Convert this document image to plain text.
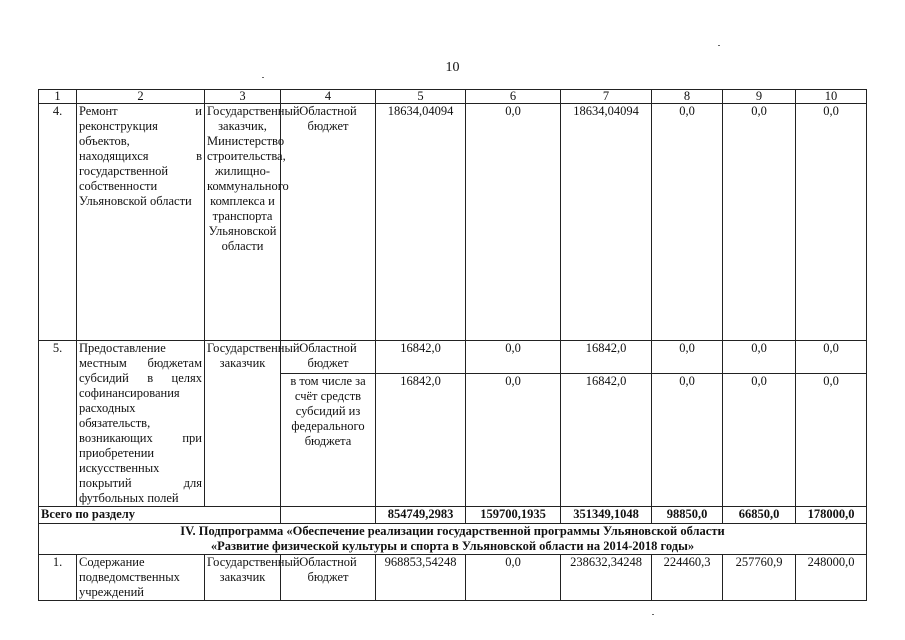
10
1	2	3	4	5	6	7	8	9	10
4.	Ремонт и реконструкция объектов, находящихся в государственной собственности Ульяновской области	Государственный заказчик, Министерство строительства, жилищно-коммунального комплекса и транспорта Ульяновской области	Областной бюджет	18634,04094	0,0	18634,04094	0,0	0,0	0,0
5.	Предоставление местным бюджетам субсидий в целях софинансирования расходных обязательств, возникающих при приобретении искусственных покрытий для футбольных полей	Государственный заказчик	Областной бюджет	16842,0	0,0	16842,0	0,0	0,0	0,0
			в том числе за счёт средств субсидий из федерального бюджета	16842,0	0,0	16842,0	0,0	0,0	0,0
Всего по разделу				854749,2983	159700,1935	351349,1048	98850,0	66850,0	178000,0

IV. Подпрограмма «Обеспечение реализации государственной программы Ульяновской области
«Развитие физической культуры и спорта в Ульяновской области на 2014-2018 годы»									

1.	Содержание подведомственных учреждений	Государственный заказчик	Областной бюджет	968853,54248	0,0	238632,34248	224460,3	257760,9	248000,0
